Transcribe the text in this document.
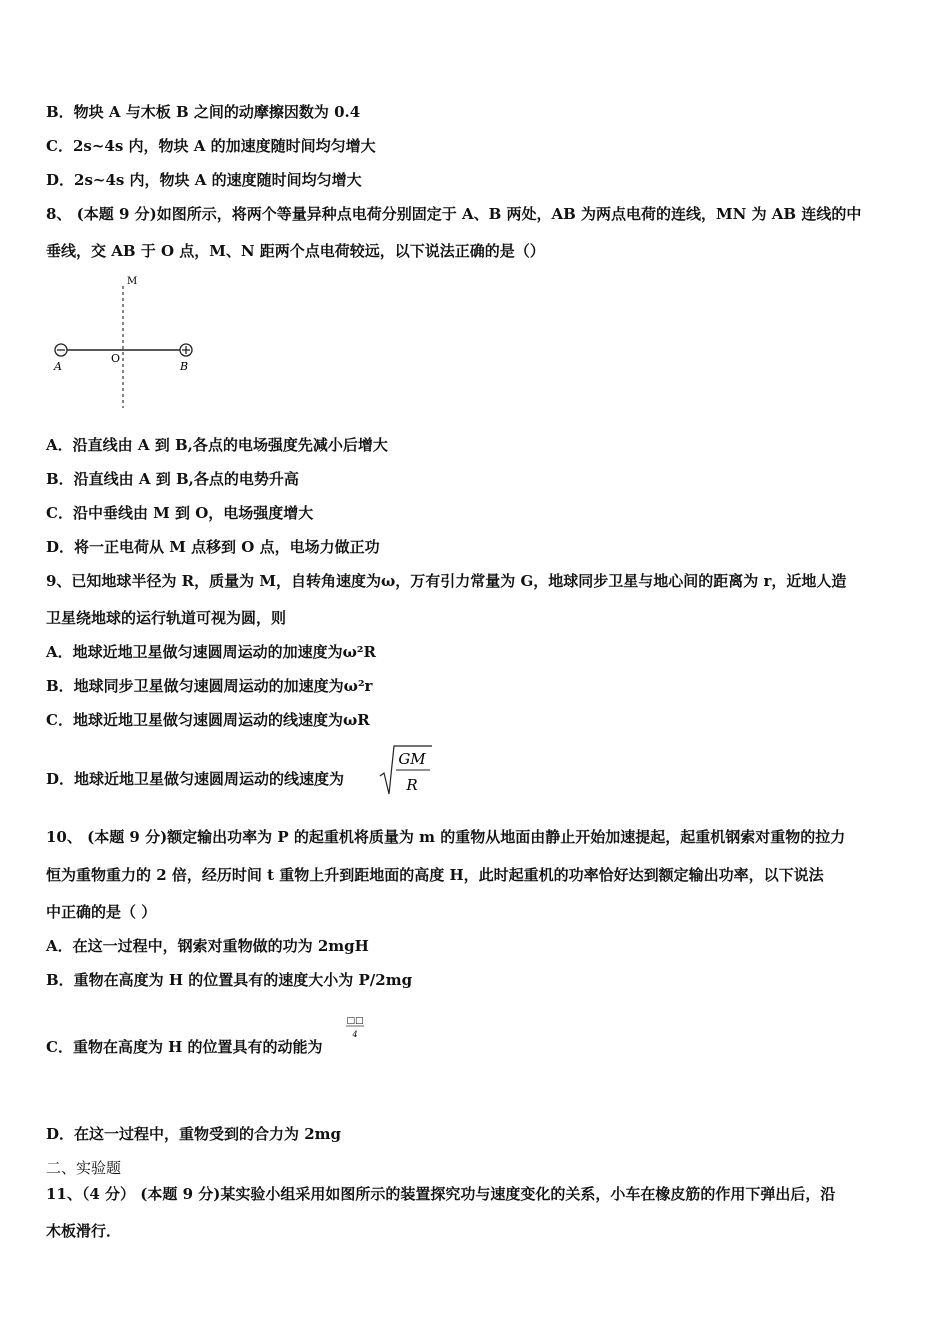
B．物块 A 与木板 B 之间的动摩擦因数为 0.4
C．2s~4s 内，物块 A 的加速度随时间均匀增大
D．2s~4s 内，物块 A 的速度随时间均匀增大
8、 (本题 9 分)如图所示，将两个等量异种点电荷分别固定于 A、B 两处，AB 为两点电荷的连线，MN 为 AB 连线的中
垂线，交 AB 于 O 点，M、N 距两个点电荷较远，以下说法正确的是（）
M
O
A	B
A．沿直线由 A 到 B,各点的电场强度先减小后增大
B．沿直线由 A 到 B,各点的电势升高
C．沿中垂线由 M 到 O，电场强度增大
D．将一正电荷从 M 点移到 O 点，电场力做正功
9、已知地球半径为 R，质量为 M，自转角速度为ω，万有引力常量为 G，地球同步卫星与地心间的距离为 r，近地人造
卫星绕地球的运行轨道可视为圆，则
A．地球近地卫星做匀速圆周运动的加速度为ω²R
B．地球同步卫星做匀速圆周运动的加速度为ω²r
C．地球近地卫星做匀速圆周运动的线速度为ωR
D．地球近地卫星做匀速圆周运动的线速度为
GM
R
10、 (本题 9 分)额定输出功率为 P 的起重机将质量为 m 的重物从地面由静止开始加速提起，起重机钢索对重物的拉力
恒为重物重力的 2 倍，经历时间 t 重物上升到距地面的高度 H，此时起重机的功率恰好达到额定输出功率，以下说法
中正确的是（ ）
A．在这一过程中，钢索对重物做的功为 2mgH
B．重物在高度为 H 的位置具有的速度大小为 P/2mg
C．重物在高度为 H 的位置具有的动能为
□□
4
D．在这一过程中，重物受到的合力为 2mg
二、实验题
11、（4 分） (本题 9 分)某实验小组采用如图所示的装置探究功与速度变化的关系，小车在橡皮筋的作用下弹出后，沿
木板滑行．
